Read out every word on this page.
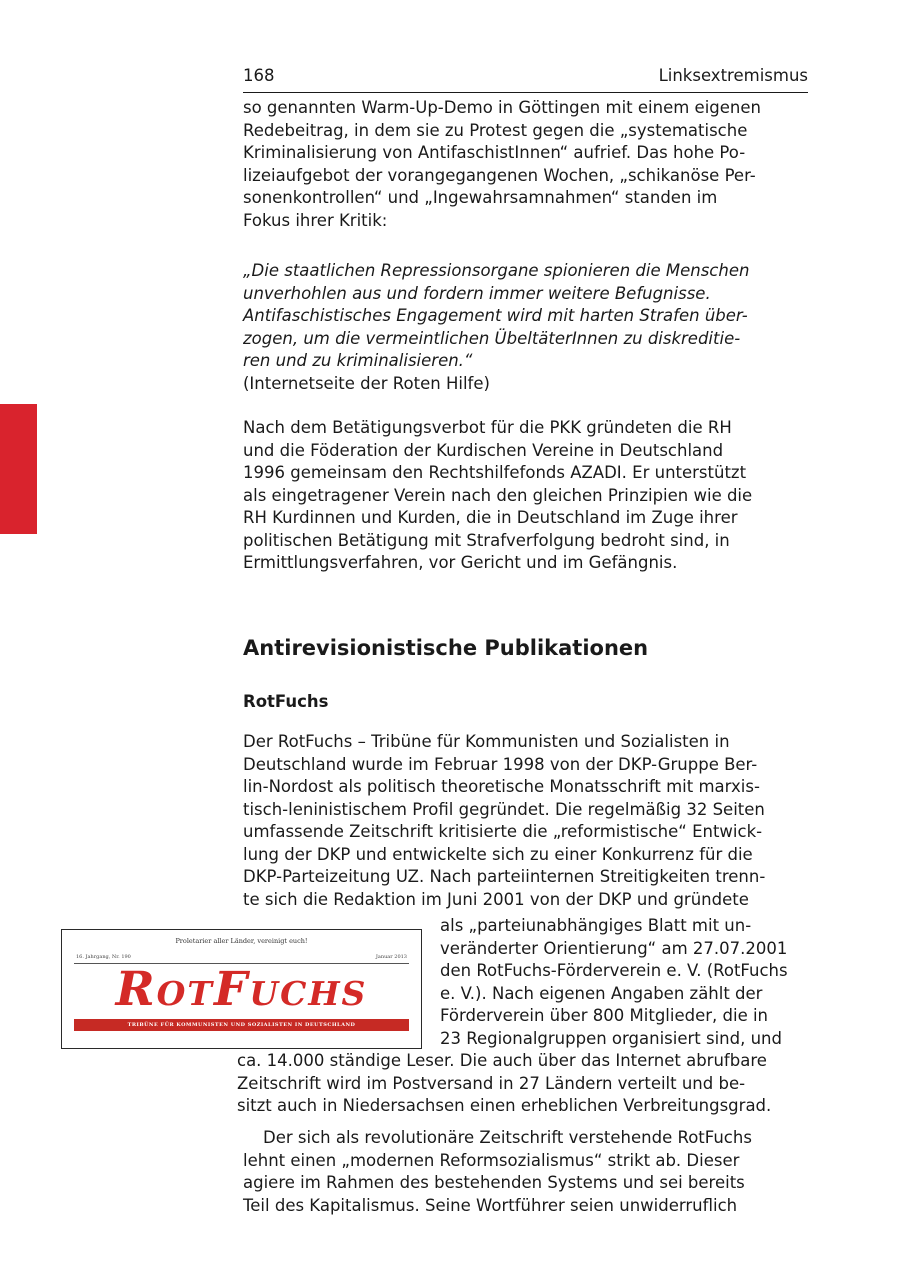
168	Linksextremismus

so genannten Warm-Up-Demo in Göttingen mit einem eigenen
Redebeitrag, in dem sie zu Protest gegen die „systematische
Kriminalisierung von AntifaschistInnen“ aufrief. Das hohe Po-
lizeiaufgebot der vorangegangenen Wochen, „schikanöse Per-
sonenkontrollen“ und „Ingewahrsamnahmen“ standen im
Fokus ihrer Kritik:

„Die staatlichen Repressionsorgane spionieren die Menschen
unverhohlen aus und fordern immer weitere Befugnisse.
Antifaschistisches Engagement wird mit harten Strafen über-
zogen, um die vermeintlichen ÜbeltäterInnen zu diskreditie-
ren und zu kriminalisieren.“
(Internetseite der Roten Hilfe)

Nach dem Betätigungsverbot für die PKK gründeten die RH
und die Föderation der Kurdischen Vereine in Deutschland
1996 gemeinsam den Rechtshilfefonds AZADI. Er unterstützt
als eingetragener Verein nach den gleichen Prinzipien wie die
RH Kurdinnen und Kurden, die in Deutschland im Zuge ihrer
politischen Betätigung mit Strafverfolgung bedroht sind, in
Ermittlungsverfahren, vor Gericht und im Gefängnis.

Antirevisionistische Publikationen
RotFuchs

Der RotFuchs – Tribüne für Kommunisten und Sozialisten in
Deutschland wurde im Februar 1998 von der DKP-Gruppe Ber-
lin-Nordost als politisch theoretische Monatsschrift mit marxis-
tisch-leninistischem Profil gegründet. Die regelmäßig 32 Seiten
umfassende Zeitschrift kritisierte die „reformistische“ Entwick-
lung der DKP und entwickelte sich zu einer Konkurrenz für die
DKP-Parteizeitung UZ. Nach parteiinternen Streitigkeiten trenn-
te sich die Redaktion im Juni 2001 von der DKP und gründete

als „parteiunabhängiges Blatt mit un-
veränderter Orientierung“ am 27.07.2001
den RotFuchs-Förderverein e. V. (RotFuchs
e. V.). Nach eigenen Angaben zählt der
Förderverein über 800 Mitglieder, die in
23 Regionalgruppen organisiert sind, und

Proletarier aller Länder, vereinigt euch!
16. Jahrgang, Nr. 190	Januar 2013
RotFuchs
TRIBÜNE FÜR KOMMUNISTEN UND SOZIALISTEN IN DEUTSCHLAND

ca. 14.000 ständige Leser. Die auch über das Internet abrufbare
Zeitschrift wird im Postversand in 27 Ländern verteilt und be-
sitzt auch in Niedersachsen einen erheblichen Verbreitungsgrad.

Der sich als revolutionäre Zeitschrift verstehende RotFuchs
lehnt einen „modernen Reformsozialismus“ strikt ab. Dieser
agiere im Rahmen des bestehenden Systems und sei bereits
Teil des Kapitalismus. Seine Wortführer seien unwiderruflich
